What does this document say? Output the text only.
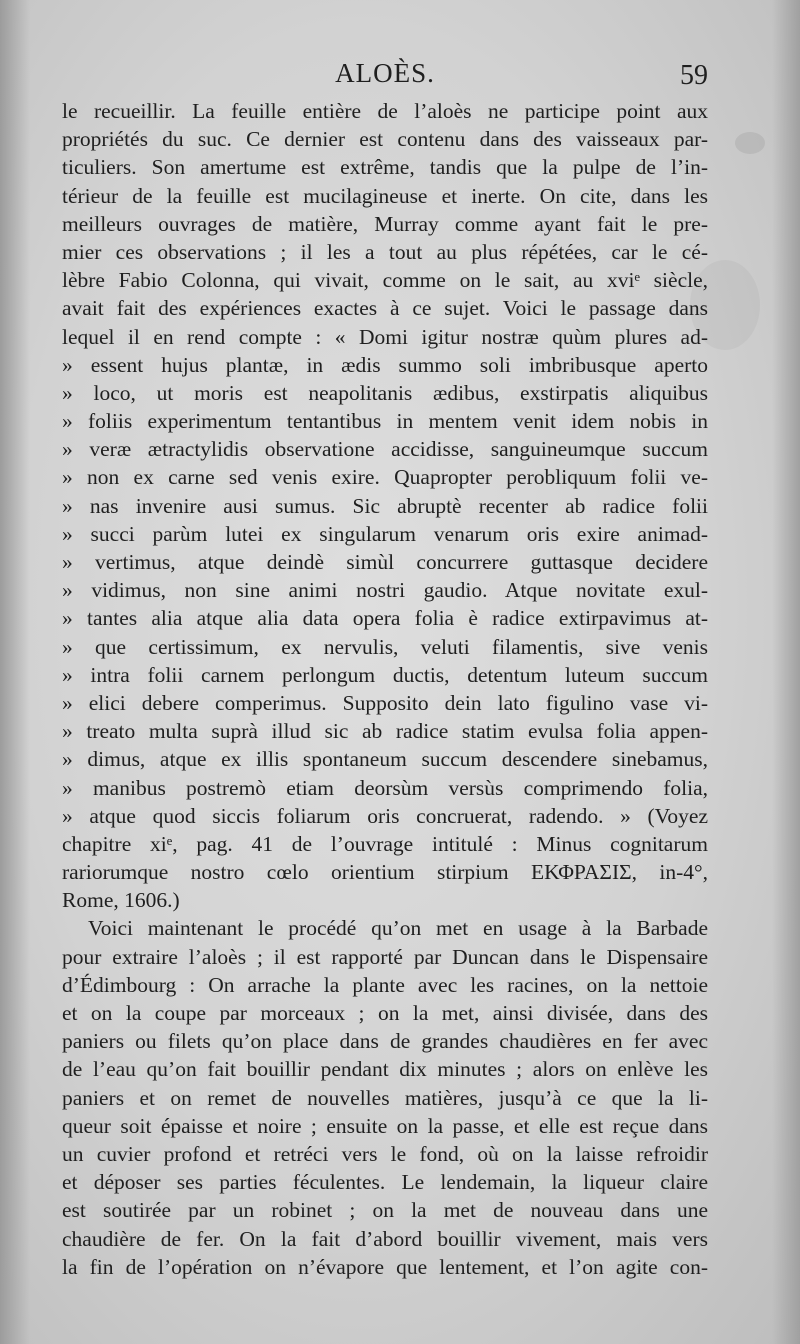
ALOÈS.	59
le recueillir. La feuille entière de l’aloès ne participe point aux
propriétés du suc. Ce dernier est contenu dans des vaisseaux par-
ticuliers. Son amertume est extrême, tandis que la pulpe de l’in-
térieur de la feuille est mucilagineuse et inerte. On cite, dans les
meilleurs ouvrages de matière, Murray comme ayant fait le pre-
mier ces observations ; il les a tout au plus répétées, car le cé-
lèbre Fabio Colonna, qui vivait, comme on le sait, au xviᵉ siècle,
avait fait des expériences exactes à ce sujet. Voici le passage dans
lequel il en rend compte : « Domi igitur nostræ quùm plures ad-
» essent hujus plantæ, in ædis summo soli imbribusque aperto
» loco, ut moris est neapolitanis ædibus, exstirpatis aliquibus
» foliis experimentum tentantibus in mentem venit idem nobis in
» veræ ætractylidis observatione accidisse, sanguineumque succum
» non ex carne sed venis exire. Quapropter perobliquum folii ve-
» nas invenire ausi sumus. Sic abruptè recenter ab radice folii
» succi parùm lutei ex singularum venarum oris exire animad-
» vertimus, atque deindè simùl concurrere guttasque decidere
» vidimus, non sine animi nostri gaudio. Atque novitate exul-
» tantes alia atque alia data opera folia è radice extirpavimus at-
» que certissimum, ex nervulis, veluti filamentis, sive venis
» intra folii carnem perlongum ductis, detentum luteum succum
» elici debere comperimus. Supposito dein lato figulino vase vi-
» treato multa suprà illud sic ab radice statim evulsa folia appen-
» dimus, atque ex illis spontaneum succum descendere sinebamus,
» manibus postremò etiam deorsùm versùs comprimendo folia,
» atque quod siccis foliarum oris concruerat, radendo. » (Voyez
chapitre xiᵉ, pag. 41 de l’ouvrage intitulé : Minus cognitarum
rariorumque nostro cœlo orientium stirpium ΕΚΦΡΑΣΙΣ, in-4°,
Rome, 1606.)
Voici maintenant le procédé qu’on met en usage à la Barbade
pour extraire l’aloès ; il est rapporté par Duncan dans le Dispensaire
d’Édimbourg : On arrache la plante avec les racines, on la nettoie
et on la coupe par morceaux ; on la met, ainsi divisée, dans des
paniers ou filets qu’on place dans de grandes chaudières en fer avec
de l’eau qu’on fait bouillir pendant dix minutes ; alors on enlève les
paniers et on remet de nouvelles matières, jusqu’à ce que la li-
queur soit épaisse et noire ; ensuite on la passe, et elle est reçue dans
un cuvier profond et retréci vers le fond, où on la laisse refroidir
et déposer ses parties féculentes. Le lendemain, la liqueur claire
est soutirée par un robinet ; on la met de nouveau dans une
chaudière de fer. On la fait d’abord bouillir vivement, mais vers
la fin de l’opération on n’évapore que lentement, et l’on agite con-
